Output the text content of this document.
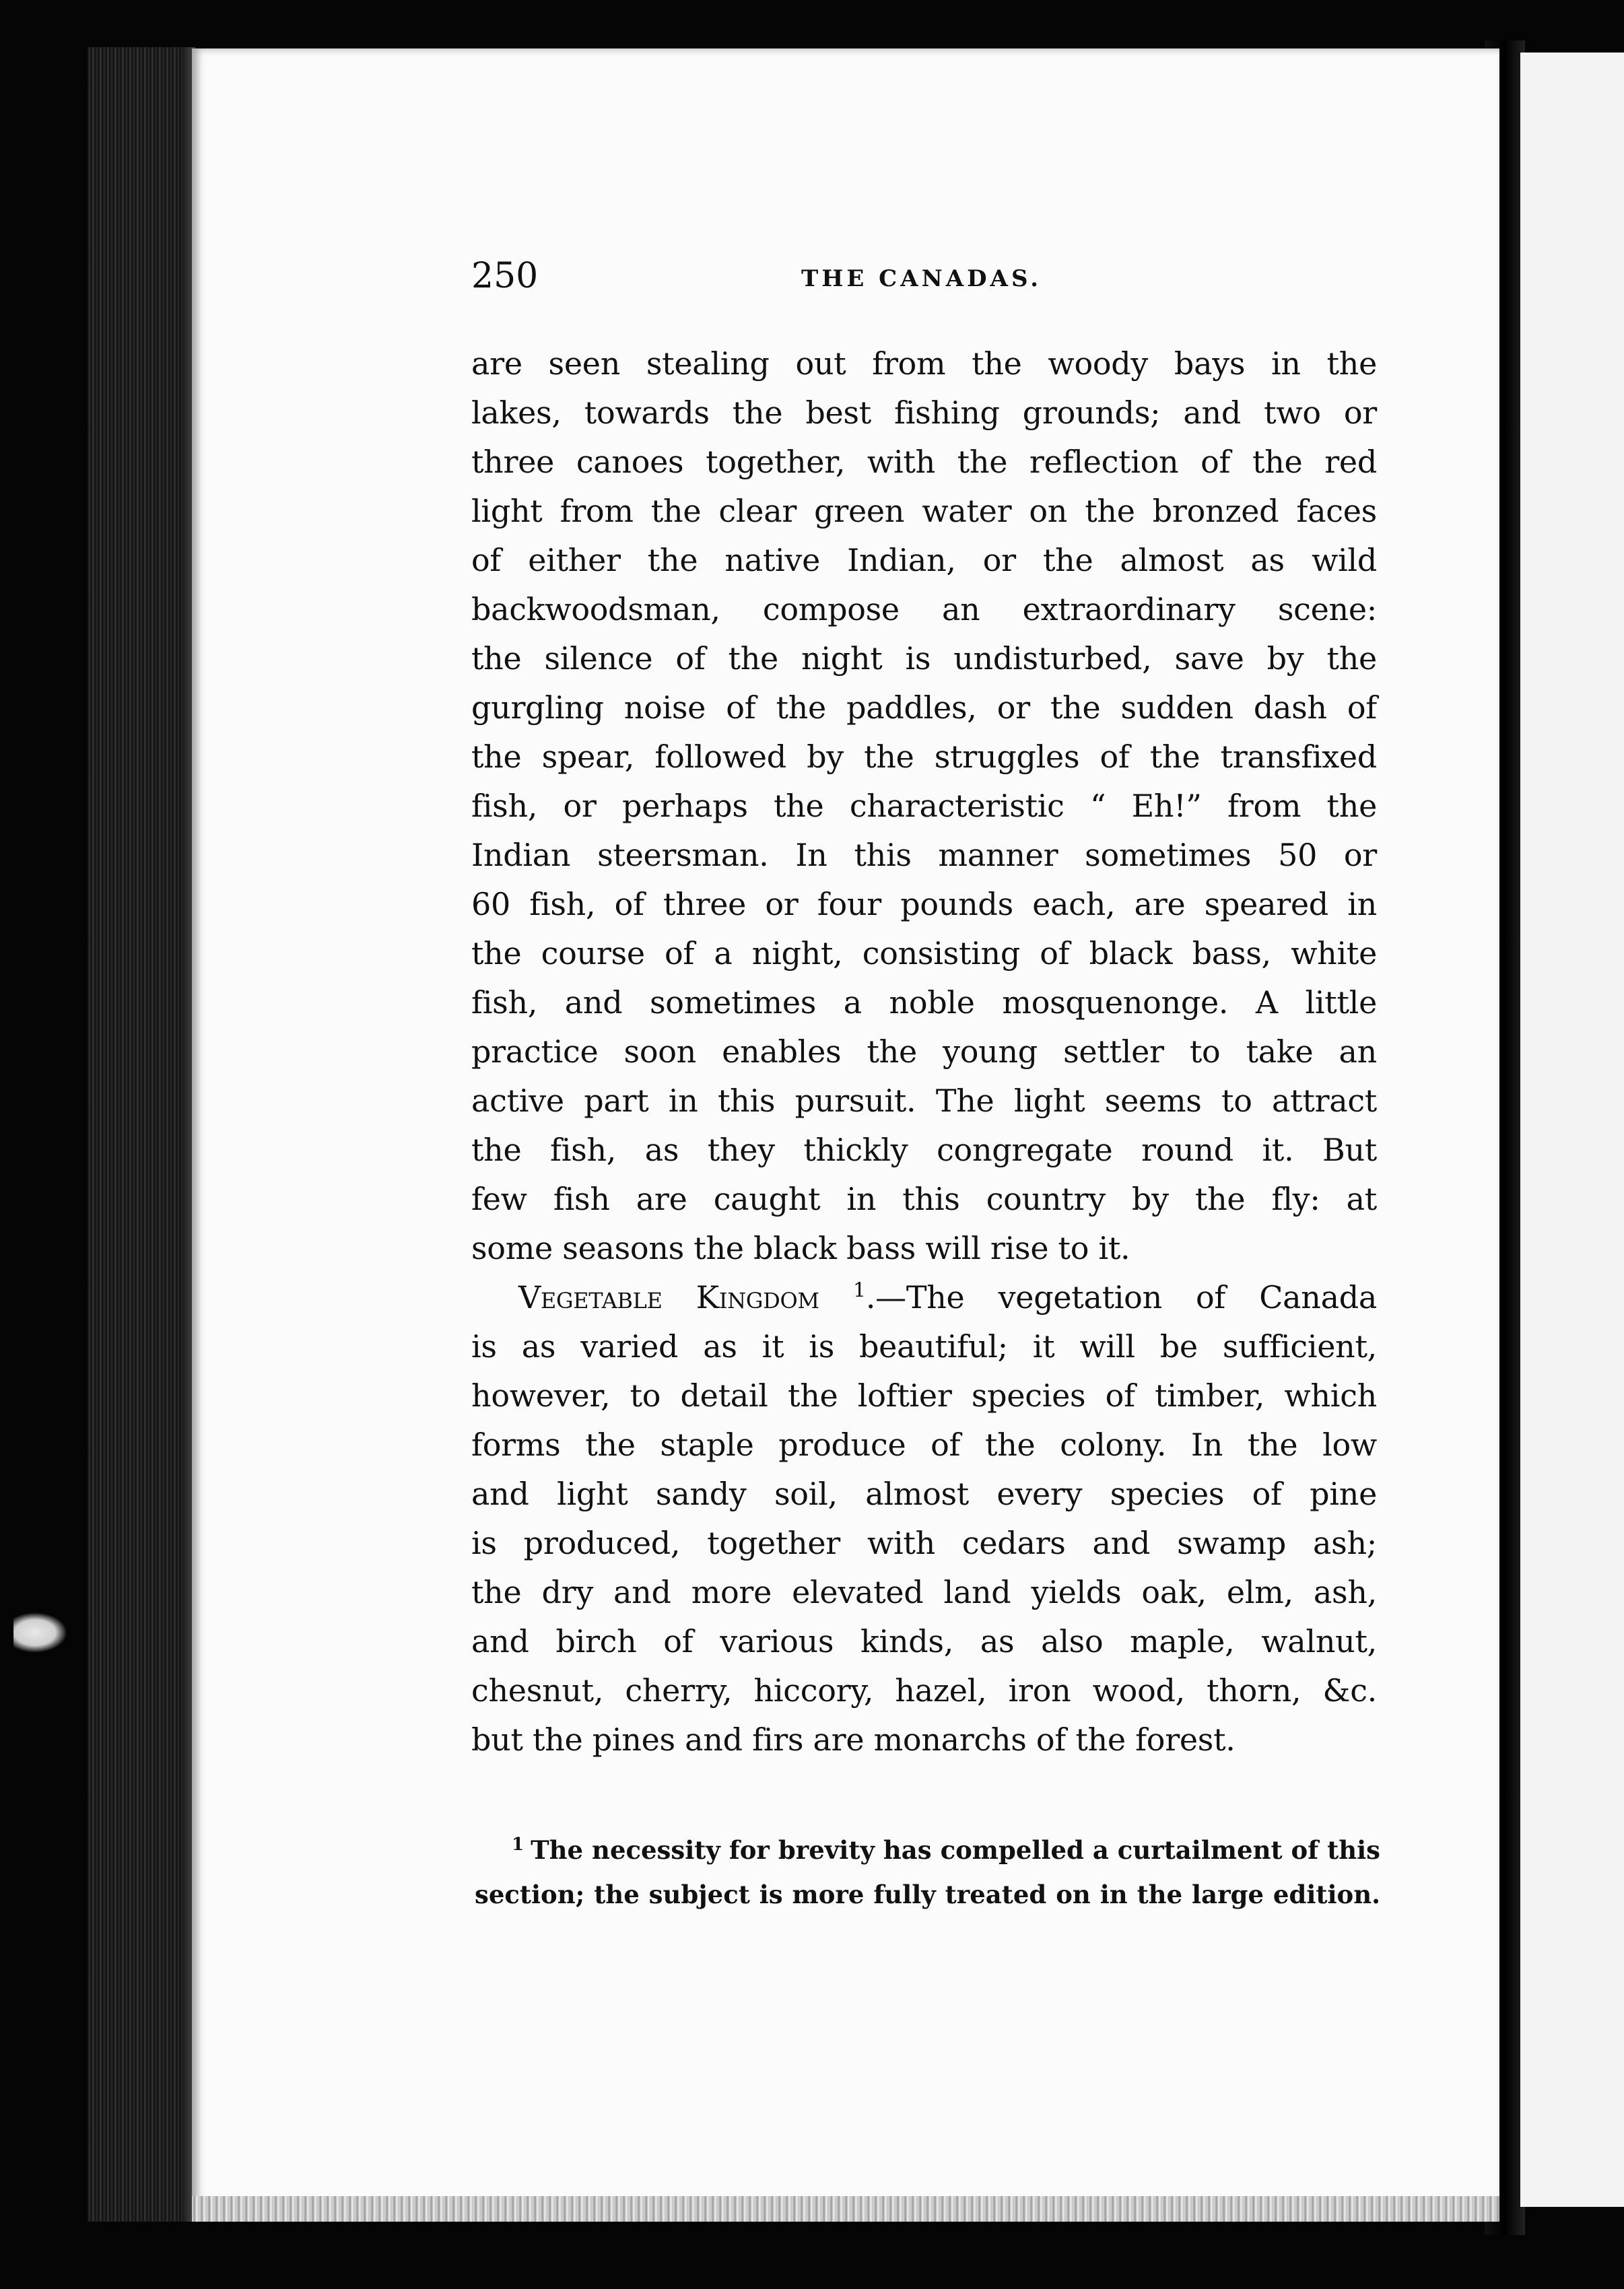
250	THE CANADAS.
are seen stealing out from the woody bays in the
lakes, towards the best fishing grounds; and two or
three canoes together, with the reflection of the red
light from the clear green water on the bronzed faces
of either the native Indian, or the almost as wild
backwoodsman, compose an extraordinary scene:
the silence of the night is undisturbed, save by the
gurgling noise of the paddles, or the sudden dash of
the spear, followed by the struggles of the transfixed
fish, or perhaps the characteristic “ Eh!” from the
Indian steersman. In this manner sometimes 50 or
60 fish, of three or four pounds each, are speared in
the course of a night, consisting of black bass, white
fish, and sometimes a noble mosquenonge. A little
practice soon enables the young settler to take an
active part in this pursuit. The light seems to attract
the fish, as they thickly congregate round it. But
few fish are caught in this country by the fly: at
some seasons the black bass will rise to it.
Vegetable Kingdom $^1$.—The vegetation of Canada
is as varied as it is beautiful; it will be sufficient,
however, to detail the loftier species of timber, which
forms the staple produce of the colony. In the low
and light sandy soil, almost every species of pine
is produced, together with cedars and swamp ash;
the dry and more elevated land yields oak, elm, ash,
and birch of various kinds, as also maple, walnut,
chesnut, cherry, hiccory, hazel, iron wood, thorn, &c.
but the pines and firs are monarchs of the forest.
$^1$ The necessity for brevity has compelled a curtailment of this
section; the subject is more fully treated on in the large edition.
